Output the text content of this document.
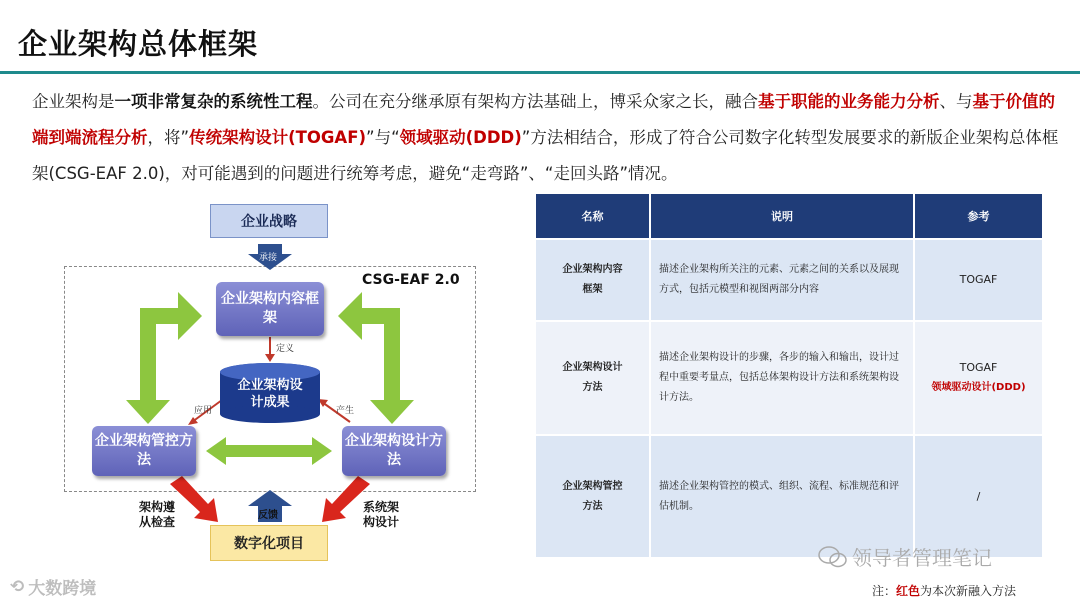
企业架构总体框架
企业架构是一项非常复杂的系统性工程。公司在充分继承原有架构方法基础上，博采众家之长，融合基于职能的业务能力分析、与基于价值的端到端流程分析，将”传统架构设计(TOGAF)”与“领域驱动(DDD)”方法相结合，形成了符合公司数字化转型发展要求的新版企业架构总体框架(CSG-EAF 2.0)，对可能遇到的问题进行统筹考虑，避免“走弯路”、“走回头路”情况。
CSG-EAF 2.0
企业战略
承接
企业架构内容框架
定义
企业架构设计成果
应用	产生
企业架构管控方法
企业架构设计方法
架构遵从检查
系统架构设计
反馈
数字化项目
名称	说明	参考

企业架构内容框架	描述企业架构所关注的元素、元素之间的关系以及展现方式，包括元模型和视图两部分内容	TOGAF

企业架构设计方法	描述企业架构设计的步骤，各步的输入和输出，设计过程中重要考量点，包括总体架构设计方法和系统架构设计方法。	TOGAF
领域驱动设计(DDD)

企业架构管控方法	描述企业架构管控的模式、组织、流程、标准规范和评估机制。	/
领导者管理笔记
注：红色为本次新融入方法
⟲ 大数跨境
